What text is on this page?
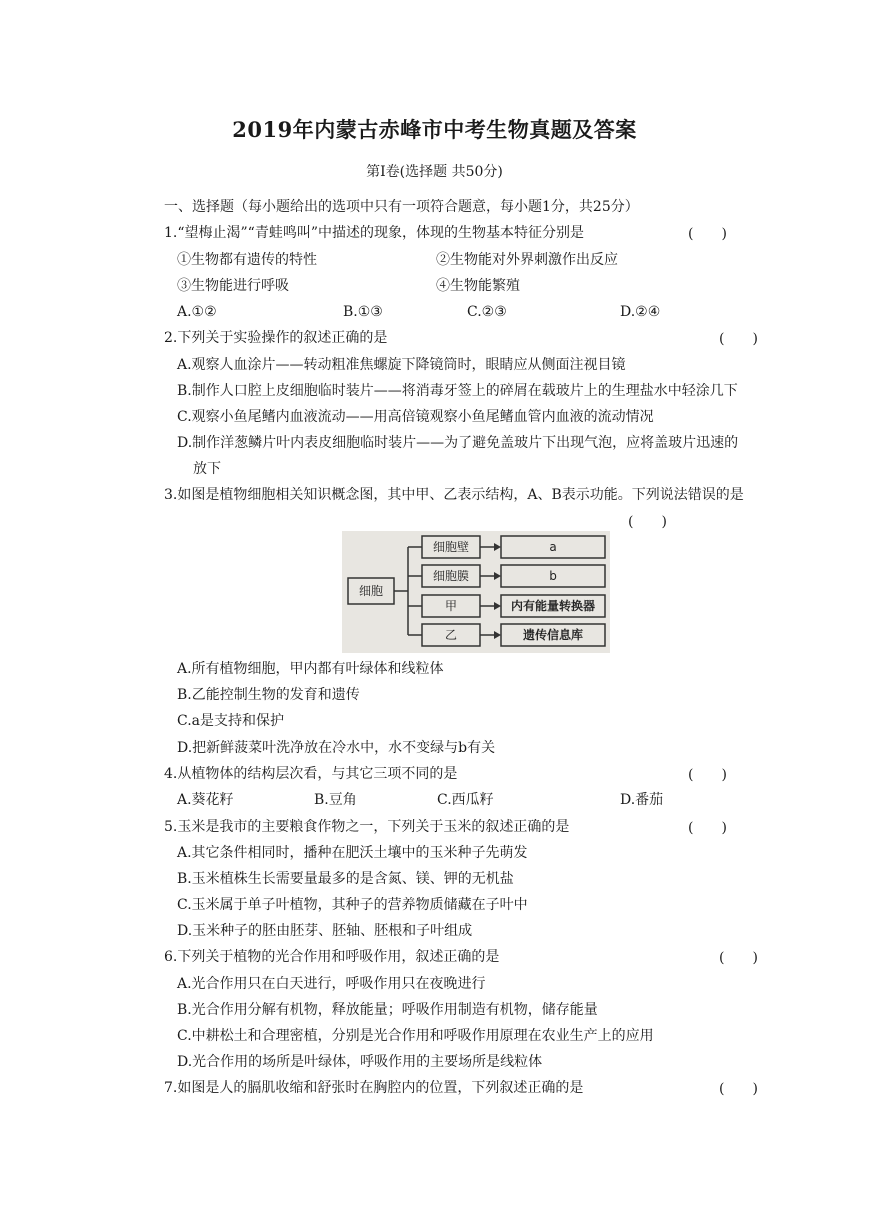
2019年内蒙古赤峰市中考生物真题及答案
第Ⅰ卷(选择题 共50分)
一、选择题（每小题给出的选项中只有一项符合题意，每小题1分，共25分）
1.“望梅止渴”“青蛙鸣叫”中描述的现象，体现的生物基本特征分别是	(　　)
①生物都有遗传的特性	②生物能对外界刺激作出反应
③生物能进行呼吸	④生物能繁殖
A.①②	B.①③	C.②③	D.②④
2.下列关于实验操作的叙述正确的是	(　　)
A.观察人血涂片——转动粗准焦螺旋下降镜筒时，眼睛应从侧面注视目镜
B.制作人口腔上皮细胞临时装片——将消毒牙签上的碎屑在载玻片上的生理盐水中轻涂几下
C.观察小鱼尾鳍内血液流动——用高倍镜观察小鱼尾鳍血管内血液的流动情况
D.制作洋葱鳞片叶内表皮细胞临时装片——为了避免盖玻片下出现气泡，应将盖玻片迅速的
放下
3.如图是植物细胞相关知识概念图，其中甲、乙表示结构，A、B表示功能。下列说法错误的是
(　　)
细胞
细胞壁
细胞膜
甲
乙
a
b
内有能量转换器
遗传信息库
A.所有植物细胞，甲内都有叶绿体和线粒体
B.乙能控制生物的发育和遗传
C.a是支持和保护
D.把新鲜菠菜叶洗净放在冷水中，水不变绿与b有关
4.从植物体的结构层次看，与其它三项不同的是	(　　)
A.葵花籽	B.豆角	C.西瓜籽	D.番茄
5.玉米是我市的主要粮食作物之一，下列关于玉米的叙述正确的是	(　　)
A.其它条件相同时，播种在肥沃土壤中的玉米种子先萌发
B.玉米植株生长需要量最多的是含氮、镁、钾的无机盐
C.玉米属于单子叶植物，其种子的营养物质储藏在子叶中
D.玉米种子的胚由胚芽、胚轴、胚根和子叶组成
6.下列关于植物的光合作用和呼吸作用，叙述正确的是	(　　)
A.光合作用只在白天进行，呼吸作用只在夜晚进行
B.光合作用分解有机物，释放能量；呼吸作用制造有机物，储存能量
C.中耕松土和合理密植，分别是光合作用和呼吸作用原理在农业生产上的应用
D.光合作用的场所是叶绿体，呼吸作用的主要场所是线粒体
7.如图是人的膈肌收缩和舒张时在胸腔内的位置，下列叙述正确的是	(　　)
